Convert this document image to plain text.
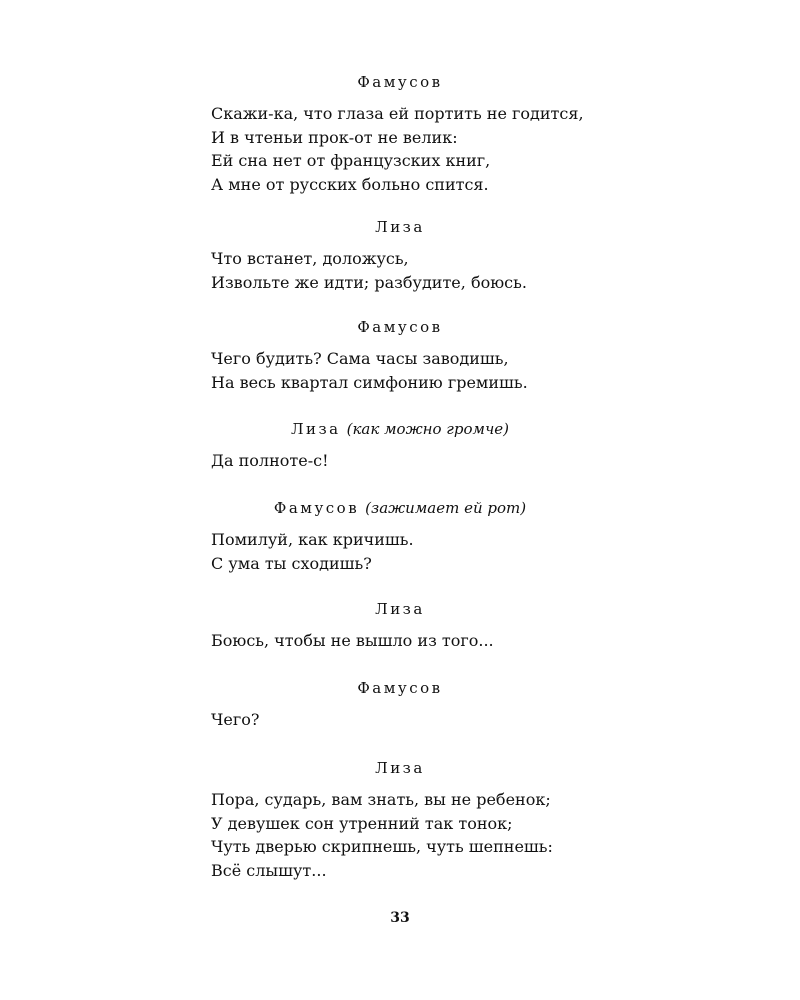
Фамусов
Скажи-ка, что глаза ей портить не годится,
И в чтеньи прок-от не велик:
Ей сна нет от французских книг,
А мне от русских больно спится.
Лиза
Что встанет, доложусь,
Извольте же идти; разбудите, боюсь.
Фамусов
Чего будить? Сама часы заводишь,
На весь квартал симфонию гремишь.
Лиза (как можно громче)
Да полноте-с!
Фамусов (зажимает ей рот)
Помилуй, как кричишь.
С ума ты сходишь?
Лиза
Боюсь, чтобы не вышло из того...
Фамусов
Чего?
Лиза
Пора, сударь, вам знать, вы не ребенок;
У девушек сон утренний так тонок;
Чуть дверью скрипнешь, чуть шепнешь:
Всё слышут...
33
